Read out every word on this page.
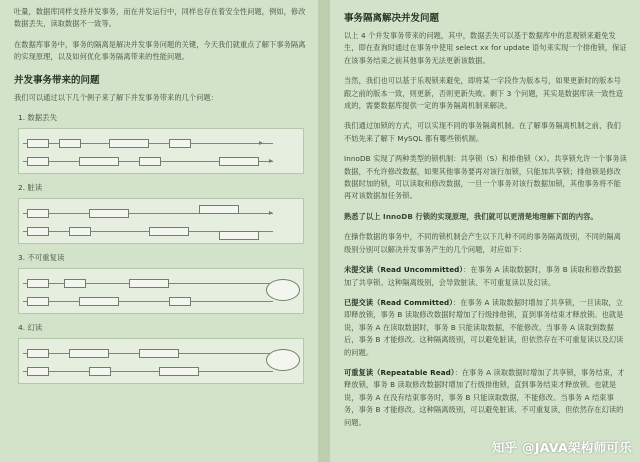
吐量，数据库同样支持并发事务，而在并发运行中，同样也存在着安全性问题，例如，修改数据丢失，读取数据不一致等。

在数据库事务中，事务的隔离是解决并发事务问题的关键，今天我们就重点了解下事务隔离的实现原理，以及如何优化事务隔离带来的性能问题。

并发事务带来的问题

我们可以通过以下几个例子来了解下并发事务带来的几个问题：

1. 数据丢失
2. 脏读
3. 不可重复读
4. 幻读
事务隔离解决并发问题

以上 4 个并发事务带来的问题，其中，数据丢失可以基于数据库中的悲观锁来避免发生，即在查询时通过在事务中使用 select xx for update 语句来实现一个排他锁，保证在该事务结束之前其他事务无法更新该数据。

当然，我们也可以基于乐观锁来避免，即将某一字段作为版本号，如果更新时的版本号跟之前的版本一致，则更新，否则更新失败。剩下 3 个问题，其实是数据库读一致性造成的，需要数据库提供一定的事务隔离机制来解决。

我们通过加锁的方式，可以实现不同的事务隔离机制。在了解事务隔离机制之前，我们不妨先来了解下 MySQL 都有哪些锁机制。

InnoDB 实现了两种类型的锁机制：共享锁（S）和排他锁（X）。共享锁允许一个事务读数据，不允许修改数据，如果其他事务要再对该行加锁，只能加共享锁；排他锁是修改数据时加的锁，可以读取和修改数据，一旦一个事务对该行数据加锁，其他事务将不能再对该数据加任务锁。

熟悉了以上 InnoDB 行锁的实现原理，我们就可以更清楚地理解下面的内容。

在操作数据的事务中，不同的锁机制会产生以下几种不同的事务隔离级别，不同的隔离级别分别可以解决并发事务产生的几个问题，对应如下：

未提交读（Read Uncommitted）：在事务 A 读取数据时，事务 B 读取和修改数据加了共享锁。这种隔离级别，会导致脏读、不可重复读以及幻读。

已提交读（Read Committed）：在事务 A 读取数据时增加了共享锁，一旦读取，立即释放锁，事务 B 读取修改数据时增加了行级排他锁，直到事务结束才释放锁。也就是说，事务 A 在读取数据时，事务 B 只能读取数据，不能修改。当事务 A 读取到数据后，事务 B 才能修改。这种隔离级别，可以避免脏读，但依然存在不可重复读以及幻读的问题。

可重复读（Repeatable Read）：在事务 A 读取数据时增加了共享锁，事务结束，才释放锁，事务 B 读取修改数据时增加了行级排他锁，直到事务结束才释放锁。也就是说，事务 A 在没有结束事务时，事务 B 只能读取数据，不能修改。当事务 A 结束事务，事务 B 才能修改。这种隔离级别，可以避免脏读、不可重复读，但依然存在幻读的问题。

知乎 @JAVA架构师可乐
